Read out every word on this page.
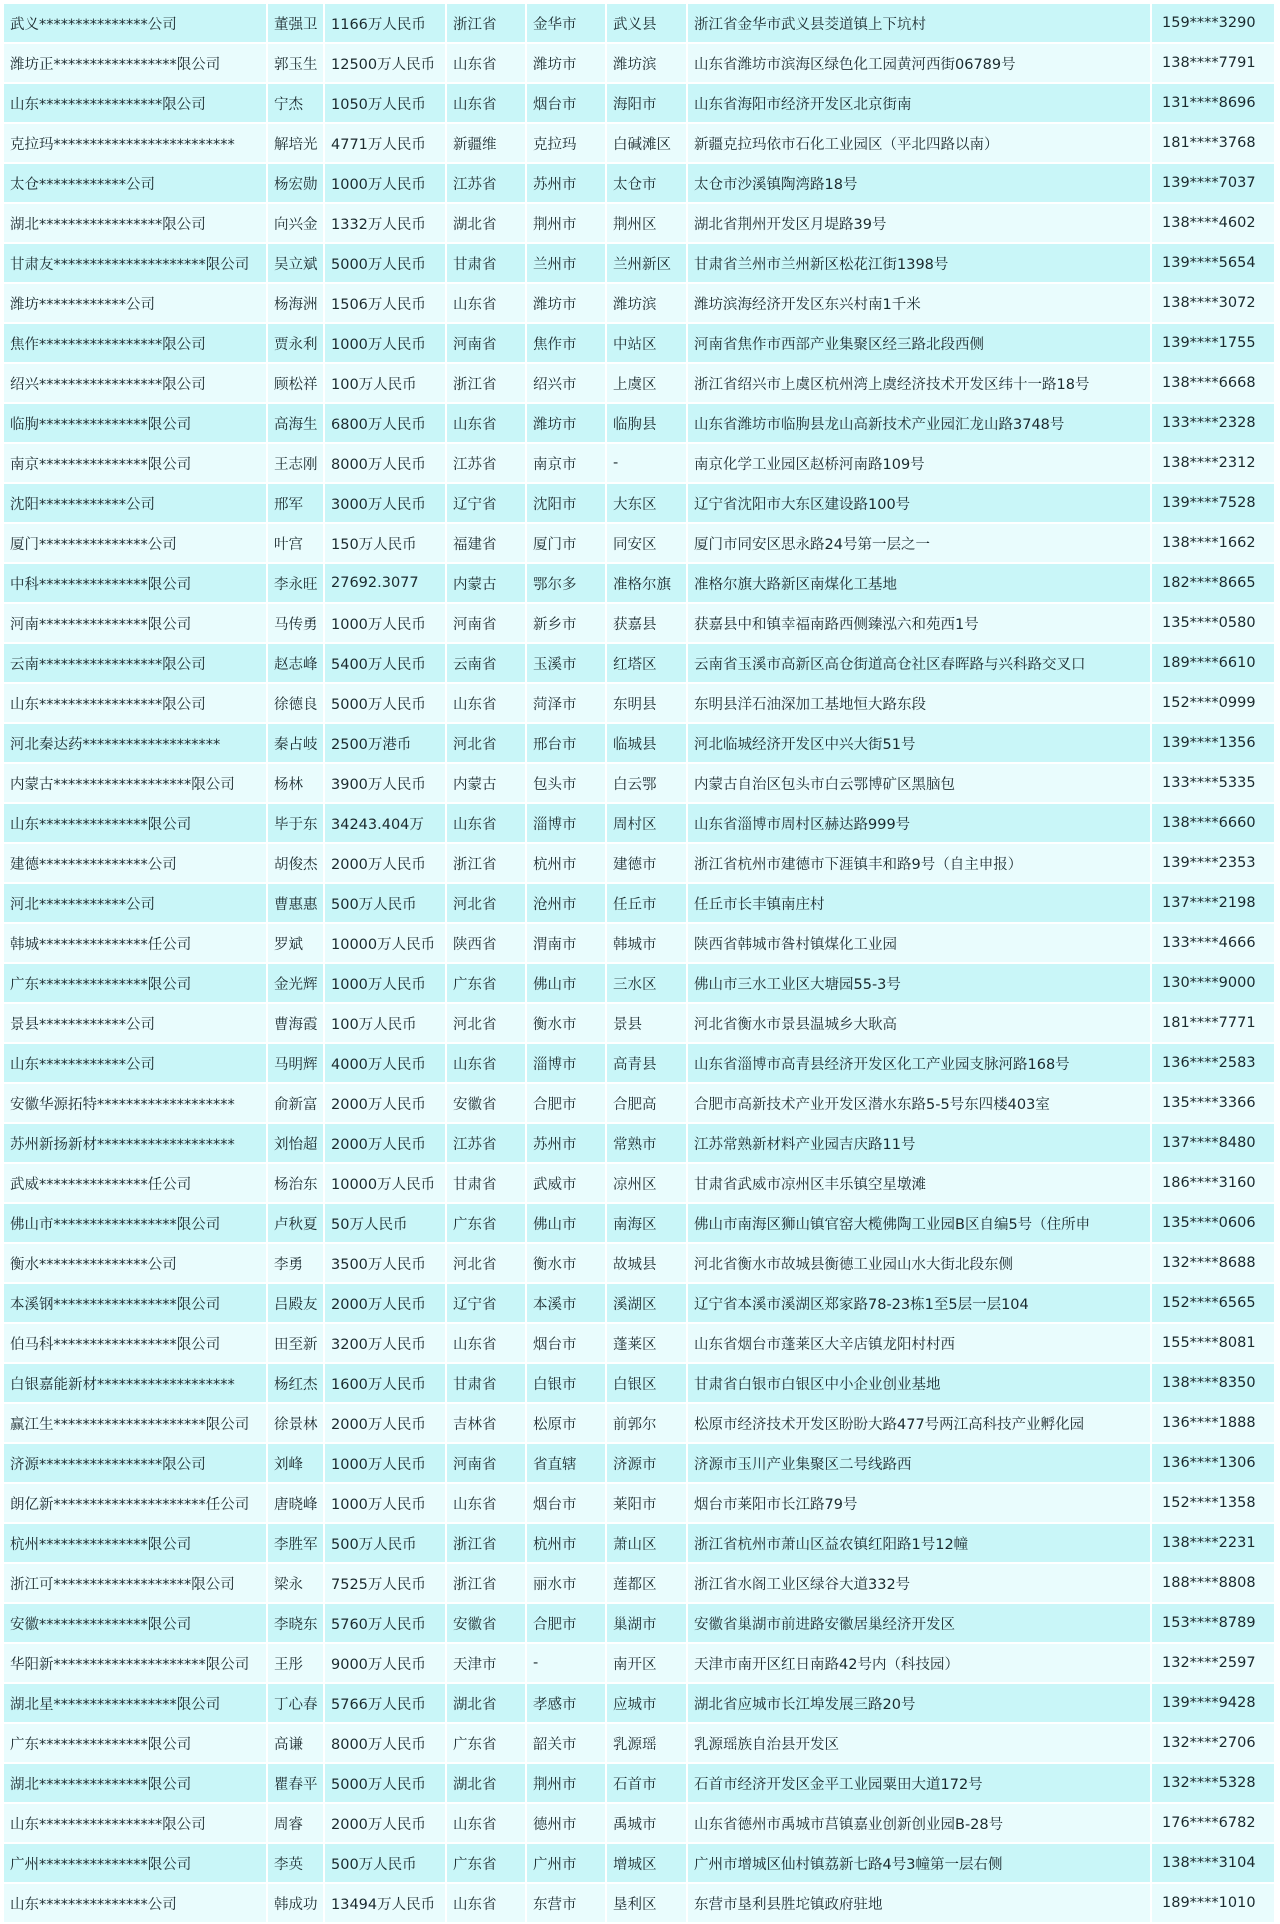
武义***************公司	董强卫	1166万人民币	浙江省	金华市	武义县	浙江省金华市武义县茭道镇上下坑村	159****3290
潍坊正*****************限公司	郭玉生	12500万人民币	山东省	潍坊市	潍坊滨	山东省潍坊市滨海区绿色化工园黄河西街06789号	138****7791
山东*****************限公司	宁杰	1050万人民币	山东省	烟台市	海阳市	山东省海阳市经济开发区北京街南	131****8696
克拉玛*************************	解培光	4771万人民币	新疆维	克拉玛	白碱滩区	新疆克拉玛依市石化工业园区（平北四路以南）	181****3768
太仓************公司	杨宏勋	1000万人民币	江苏省	苏州市	太仓市	太仓市沙溪镇陶湾路18号	139****7037
湖北*****************限公司	向兴金	1332万人民币	湖北省	荆州市	荆州区	湖北省荆州开发区月堤路39号	138****4602
甘肃友*********************限公司	吴立斌	5000万人民币	甘肃省	兰州市	兰州新区	甘肃省兰州市兰州新区松花江街1398号	139****5654
潍坊************公司	杨海洲	1506万人民币	山东省	潍坊市	潍坊滨	潍坊滨海经济开发区东兴村南1千米	138****3072
焦作*****************限公司	贾永利	1000万人民币	河南省	焦作市	中站区	河南省焦作市西部产业集聚区经三路北段西侧	139****1755
绍兴*****************限公司	顾松祥	100万人民币	浙江省	绍兴市	上虞区	浙江省绍兴市上虞区杭州湾上虞经济技术开发区纬十一路18号	138****6668
临朐***************限公司	高海生	6800万人民币	山东省	潍坊市	临朐县	山东省潍坊市临朐县龙山高新技术产业园汇龙山路3748号	133****2328
南京***************限公司	王志刚	8000万人民币	江苏省	南京市	-	南京化学工业园区赵桥河南路109号	138****2312
沈阳************公司	邢军	3000万人民币	辽宁省	沈阳市	大东区	辽宁省沈阳市大东区建设路100号	139****7528
厦门***************公司	叶宫	150万人民币	福建省	厦门市	同安区	厦门市同安区思永路24号第一层之一	138****1662
中科***************限公司	李永旺	27692.3077	内蒙古	鄂尔多	准格尔旗	准格尔旗大路新区南煤化工基地	182****8665
河南***************限公司	马传勇	1000万人民币	河南省	新乡市	获嘉县	获嘉县中和镇幸福南路西侧臻泓六和苑西1号	135****0580
云南*****************限公司	赵志峰	5400万人民币	云南省	玉溪市	红塔区	云南省玉溪市高新区高仓街道高仓社区春晖路与兴科路交叉口	189****6610
山东*****************限公司	徐德良	5000万人民币	山东省	菏泽市	东明县	东明县洋石油深加工基地恒大路东段	152****0999
河北秦达药*******************	秦占岐	2500万港币	河北省	邢台市	临城县	河北临城经济开发区中兴大街51号	139****1356
内蒙古*******************限公司	杨林	3900万人民币	内蒙古	包头市	白云鄂	内蒙古自治区包头市白云鄂博矿区黑脑包	133****5335
山东***************限公司	毕于东	34243.404万	山东省	淄博市	周村区	山东省淄博市周村区赫达路999号	138****6660
建德***************公司	胡俊杰	2000万人民币	浙江省	杭州市	建德市	浙江省杭州市建德市下涯镇丰和路9号（自主申报）	139****2353
河北************公司	曹惠惠	500万人民币	河北省	沧州市	任丘市	任丘市长丰镇南庄村	137****2198
韩城***************任公司	罗斌	10000万人民币	陕西省	渭南市	韩城市	陕西省韩城市昝村镇煤化工业园	133****4666
广东***************限公司	金光辉	1000万人民币	广东省	佛山市	三水区	佛山市三水工业区大塘园55-3号	130****9000
景县************公司	曹海霞	100万人民币	河北省	衡水市	景县	河北省衡水市景县温城乡大耿高	181****7771
山东************公司	马明辉	4000万人民币	山东省	淄博市	高青县	山东省淄博市高青县经济开发区化工产业园支脉河路168号	136****2583
安徽华源拓特*******************	俞新富	2000万人民币	安徽省	合肥市	合肥高	合肥市高新技术产业开发区潜水东路5-5号东四楼403室	135****3366
苏州新扬新材*******************	刘怡超	2000万人民币	江苏省	苏州市	常熟市	江苏常熟新材料产业园吉庆路11号	137****8480
武威***************任公司	杨治东	10000万人民币	甘肃省	武威市	凉州区	甘肃省武威市凉州区丰乐镇空星墩滩	186****3160
佛山市*****************限公司	卢秋夏	50万人民币	广东省	佛山市	南海区	佛山市南海区狮山镇官窑大榄佛陶工业园B区自编5号（住所申	135****0606
衡水***************公司	李勇	3500万人民币	河北省	衡水市	故城县	河北省衡水市故城县衡德工业园山水大街北段东侧	132****8688
本溪钢*****************限公司	吕殿友	2000万人民币	辽宁省	本溪市	溪湖区	辽宁省本溪市溪湖区郑家路78-23栋1至5层一层104	152****6565
伯马科*****************限公司	田至新	3200万人民币	山东省	烟台市	蓬莱区	山东省烟台市蓬莱区大辛店镇龙阳村村西	155****8081
白银嘉能新材*******************	杨红杰	1600万人民币	甘肃省	白银市	白银区	甘肃省白银市白银区中小企业创业基地	138****8350
赢江生*********************限公司	徐景林	2000万人民币	吉林省	松原市	前郭尔	松原市经济技术开发区盼盼大路477号两江高科技产业孵化园	136****1888
济源*****************限公司	刘峰	1000万人民币	河南省	省直辖	济源市	济源市玉川产业集聚区二号线路西	136****1306
朗亿新*********************任公司	唐晓峰	1000万人民币	山东省	烟台市	莱阳市	烟台市莱阳市长江路79号	152****1358
杭州***************限公司	李胜军	500万人民币	浙江省	杭州市	萧山区	浙江省杭州市萧山区益农镇红阳路1号12幢	138****2231
浙江可*******************限公司	梁永	7525万人民币	浙江省	丽水市	莲都区	浙江省水阁工业区绿谷大道332号	188****8808
安徽***************限公司	李晓东	5760万人民币	安徽省	合肥市	巢湖市	安徽省巢湖市前进路安徽居巢经济开发区	153****8789
华阳新*********************限公司	王彤	9000万人民币	天津市	-	南开区	天津市南开区红日南路42号内（科技园）	132****2597
湖北星*****************限公司	丁心春	5766万人民币	湖北省	孝感市	应城市	湖北省应城市长江埠发展三路20号	139****9428
广东***************限公司	高谦	8000万人民币	广东省	韶关市	乳源瑶	乳源瑶族自治县开发区	132****2706
湖北***************限公司	瞿春平	5000万人民币	湖北省	荆州市	石首市	石首市经济开发区金平工业园粟田大道172号	132****5328
山东*****************限公司	周睿	2000万人民币	山东省	德州市	禹城市	山东省德州市禹城市莒镇嘉业创新创业园B-28号	176****6782
广州***************限公司	李英	500万人民币	广东省	广州市	增城区	广州市增城区仙村镇荔新七路4号3幢第一层右侧	138****3104
山东***************公司	韩成功	13494万人民币	山东省	东营市	垦利区	东营市垦利县胜坨镇政府驻地	189****1010
